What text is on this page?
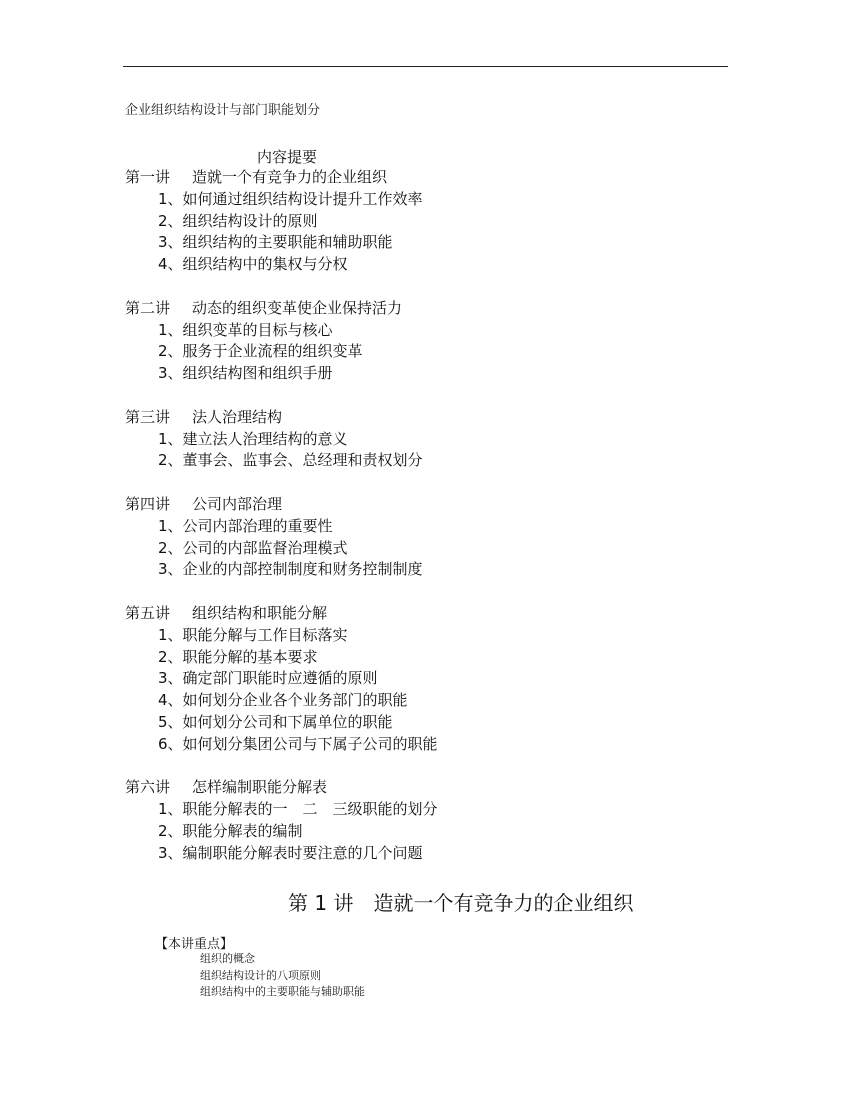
企业组织结构设计与部门职能划分
内容提要
第一讲 造就一个有竞争力的企业组织
1、如何通过组织结构设计提升工作效率
2、组织结构设计的原则
3、组织结构的主要职能和辅助职能
4、组织结构中的集权与分权
第二讲 动态的组织变革使企业保持活力
1、组织变革的目标与核心
2、服务于企业流程的组织变革
3、组织结构图和组织手册
第三讲 法人治理结构
1、建立法人治理结构的意义
2、董事会、监事会、总经理和责权划分
第四讲 公司内部治理
1、公司内部治理的重要性
2、公司的内部监督治理模式
3、企业的内部控制制度和财务控制制度
第五讲 组织结构和职能分解
1、职能分解与工作目标落实
2、职能分解的基本要求
3、确定部门职能时应遵循的原则
4、如何划分企业各个业务部门的职能
5、如何划分公司和下属单位的职能
6、如何划分集团公司与下属子公司的职能
第六讲 怎样编制职能分解表
1、职能分解表的一　二　三级职能的划分
2、职能分解表的编制
3、编制职能分解表时要注意的几个问题
第 1 讲 造就一个有竞争力的企业组织
【本讲重点】
组织的概念
组织结构设计的八项原则
组织结构中的主要职能与辅助职能
